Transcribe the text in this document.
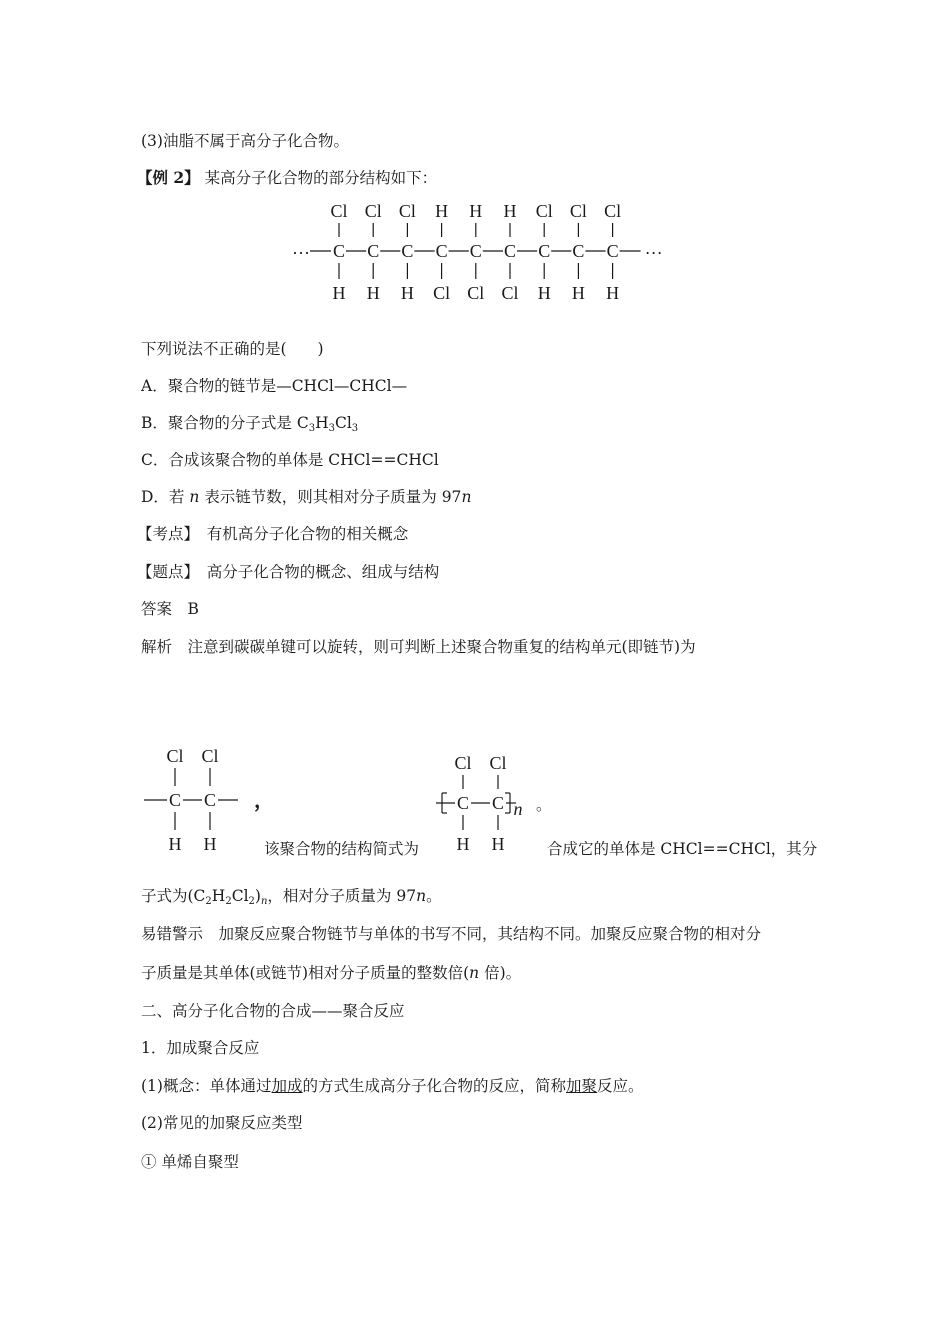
(3)油脂不属于高分子化合物。
【例 2】 某高分子化合物的部分结构如下：
···
Cl
C
H
Cl
C
H
Cl
C
H
H
C
Cl
H
C
Cl
H
C
Cl
Cl
C
H
Cl
C
H
Cl
C
H
···
下列说法不正确的是(　　)
A．聚合物的链节是—CHCl—CHCl—
B．聚合物的分子式是 C3H3Cl3
C．合成该聚合物的单体是 CHCl==CHCl
D．若 n 表示链节数，则其相对分子质量为 97n
【考点】　有机高分子化合物的相关概念
【题点】　高分子化合物的概念、组成与结构
答案　B
解析　注意到碳碳单键可以旋转，则可判断上述聚合物重复的结构单元(即链节)为
Cl
C
H
Cl
C
H
，
Cl
C
H
Cl
C
H
n 。
该聚合物的结构简式为	合成它的单体是 CHCl==CHCl，其分
子式为(C2H2Cl2)n，相对分子质量为 97n。
易错警示　加聚反应聚合物链节与单体的书写不同，其结构不同。加聚反应聚合物的相对分
子质量是其单体(或链节)相对分子质量的整数倍(n 倍)。
二、高分子化合物的合成——聚合反应
1．加成聚合反应
(1)概念：单体通过加成的方式生成高分子化合物的反应，简称加聚反应。
(2)常见的加聚反应类型
① 单烯自聚型
